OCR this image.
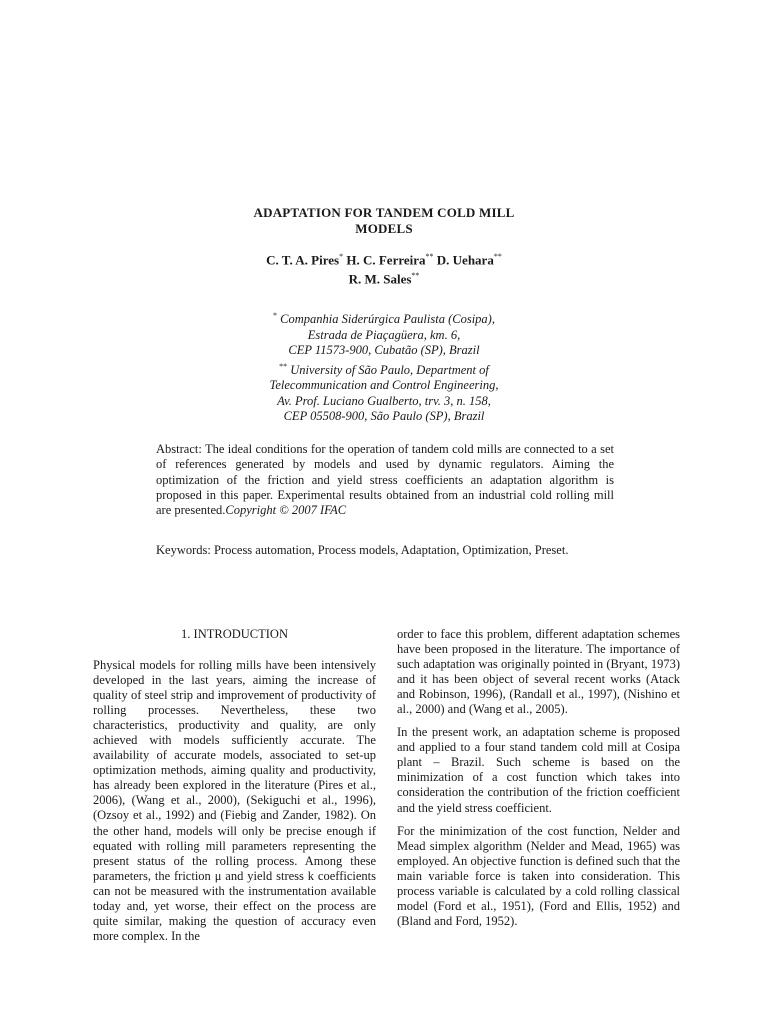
ADAPTATION FOR TANDEM COLD MILL
MODELS
C. T. A. Pires* H. C. Ferreira** D. Uehara**
R. M. Sales**
* Companhia Siderúrgica Paulista (Cosipa),
Estrada de Piaçagüera, km. 6,
CEP 11573-900, Cubatão (SP), Brazil
** University of São Paulo, Department of
Telecommunication and Control Engineering,
Av. Prof. Luciano Gualberto, trv. 3, n. 158,
CEP 05508-900, São Paulo (SP), Brazil
Abstract: The ideal conditions for the operation of tandem cold mills are connected to a set of references generated by models and used by dynamic regulators. Aiming the optimization of the friction and yield stress coefficients an adaptation algorithm is proposed in this paper. Experimental results obtained from an industrial cold rolling mill are presented.Copyright © 2007 IFAC
Keywords: Process automation, Process models, Adaptation, Optimization, Preset.
1. INTRODUCTION

Physical models for rolling mills have been intensively developed in the last years, aiming the increase of quality of steel strip and improvement of productivity of rolling processes. Nevertheless, these two characteristics, productivity and quality, are only achieved with models sufficiently accurate. The availability of accurate models, associated to set-up optimization methods, aiming quality and productivity, has already been explored in the literature (Pires et al., 2006), (Wang et al., 2000), (Sekiguchi et al., 1996), (Ozsoy et al., 1992) and (Fiebig and Zander, 1982). On the other hand, models will only be precise enough if equated with rolling mill parameters representing the present status of the rolling process. Among these parameters, the friction μ and yield stress k coefficients can not be measured with the instrumentation available today and, yet worse, their effect on the process are quite similar, making the question of accuracy even more complex. In the

order to face this problem, different adaptation schemes have been proposed in the literature. The importance of such adaptation was originally pointed in (Bryant, 1973) and it has been object of several recent works (Atack and Robinson, 1996), (Randall et al., 1997), (Nishino et al., 2000) and (Wang et al., 2005).

In the present work, an adaptation scheme is proposed and applied to a four stand tandem cold mill at Cosipa plant – Brazil. Such scheme is based on the minimization of a cost function which takes into consideration the contribution of the friction coefficient and the yield stress coefficient.

For the minimization of the cost function, Nelder and Mead simplex algorithm (Nelder and Mead, 1965) was employed. An objective function is defined such that the main variable force is taken into consideration. This process variable is calculated by a cold rolling classical model (Ford et al., 1951), (Ford and Ellis, 1952) and (Bland and Ford, 1952).
